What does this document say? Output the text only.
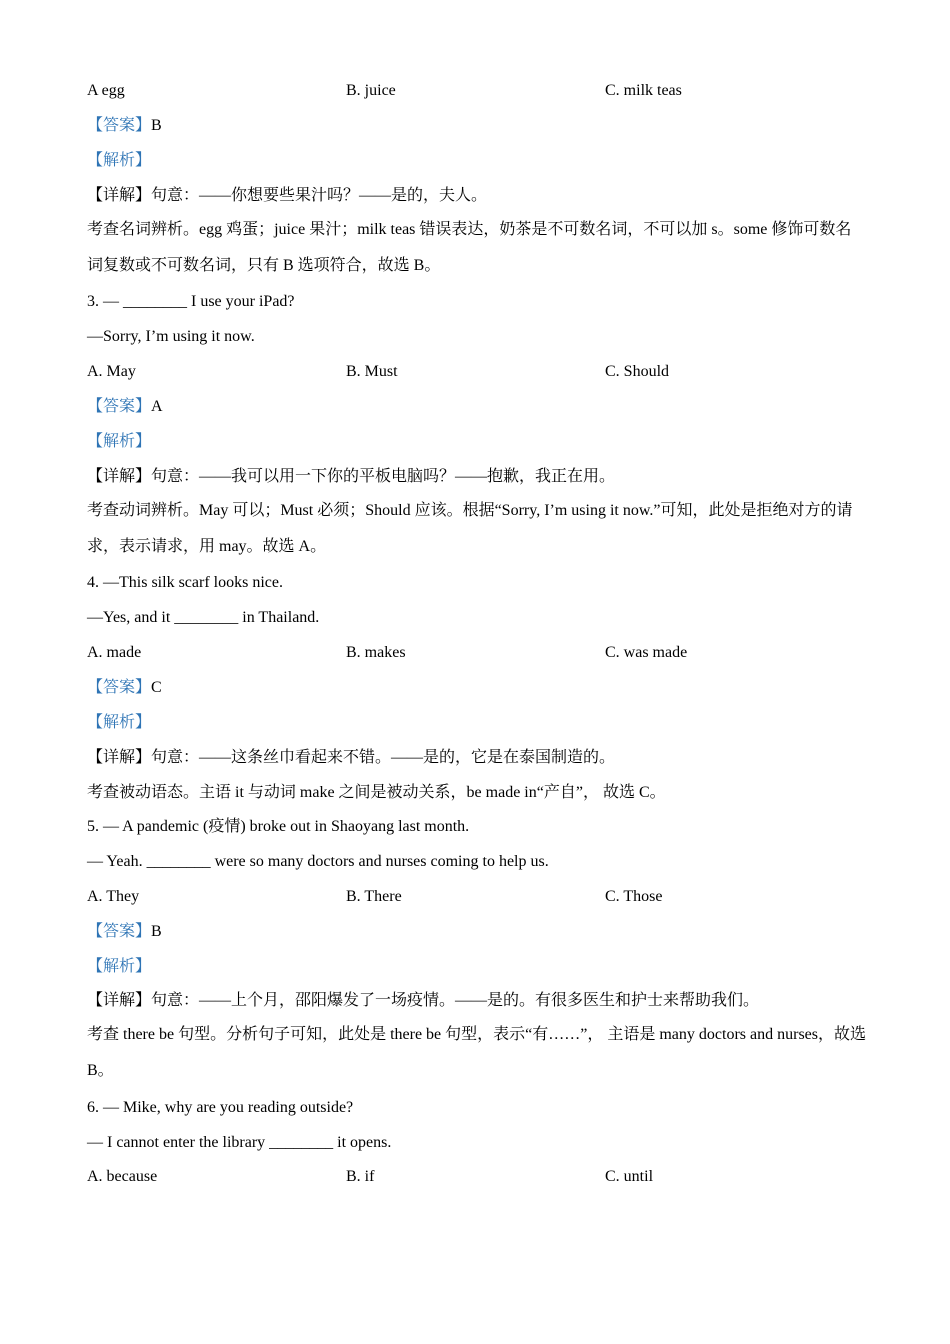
A egg	B. juice	C. milk teas
【答案】B
【解析】
【详解】句意：——你想要些果汁吗？——是的，夫人。
考查名词辨析。egg 鸡蛋；juice 果汁；milk teas 错误表达，奶茶是不可数名词，不可以加 s。some 修饰可数名词复数或不可数名词，只有 B 选项符合，故选 B。
3. — ________ I use your iPad?
—Sorry, I’m using it now.
A. May	B. Must	C. Should
【答案】A
【解析】
【详解】句意：——我可以用一下你的平板电脑吗？——抱歉，我正在用。
考查动词辨析。May 可以；Must 必须；Should 应该。根据“Sorry, I’m using it now.”可知，此处是拒绝对方的请求，表示请求，用 may。故选 A。
4. —This silk scarf looks nice.
—Yes, and it ________ in Thailand.
A. made	B. makes	C. was made
【答案】C
【解析】
【详解】句意：——这条丝巾看起来不错。——是的，它是在泰国制造的。
考查被动语态。主语 it 与动词 make 之间是被动关系，be made in“产自”， 故选 C。
5. — A pandemic (疫情) broke out in Shaoyang last month.
— Yeah. ________ were so many doctors and nurses coming to help us.
A. They	B. There	C. Those
【答案】B
【解析】
【详解】句意：——上个月，邵阳爆发了一场疫情。——是的。有很多医生和护士来帮助我们。
考查 there be 句型。分析句子可知，此处是 there be 句型，表示“有……”， 主语是 many doctors and nurses，故选 B。
6. — Mike, why are you reading outside?
— I cannot enter the library ________ it opens.
A. because	B. if	C. until
